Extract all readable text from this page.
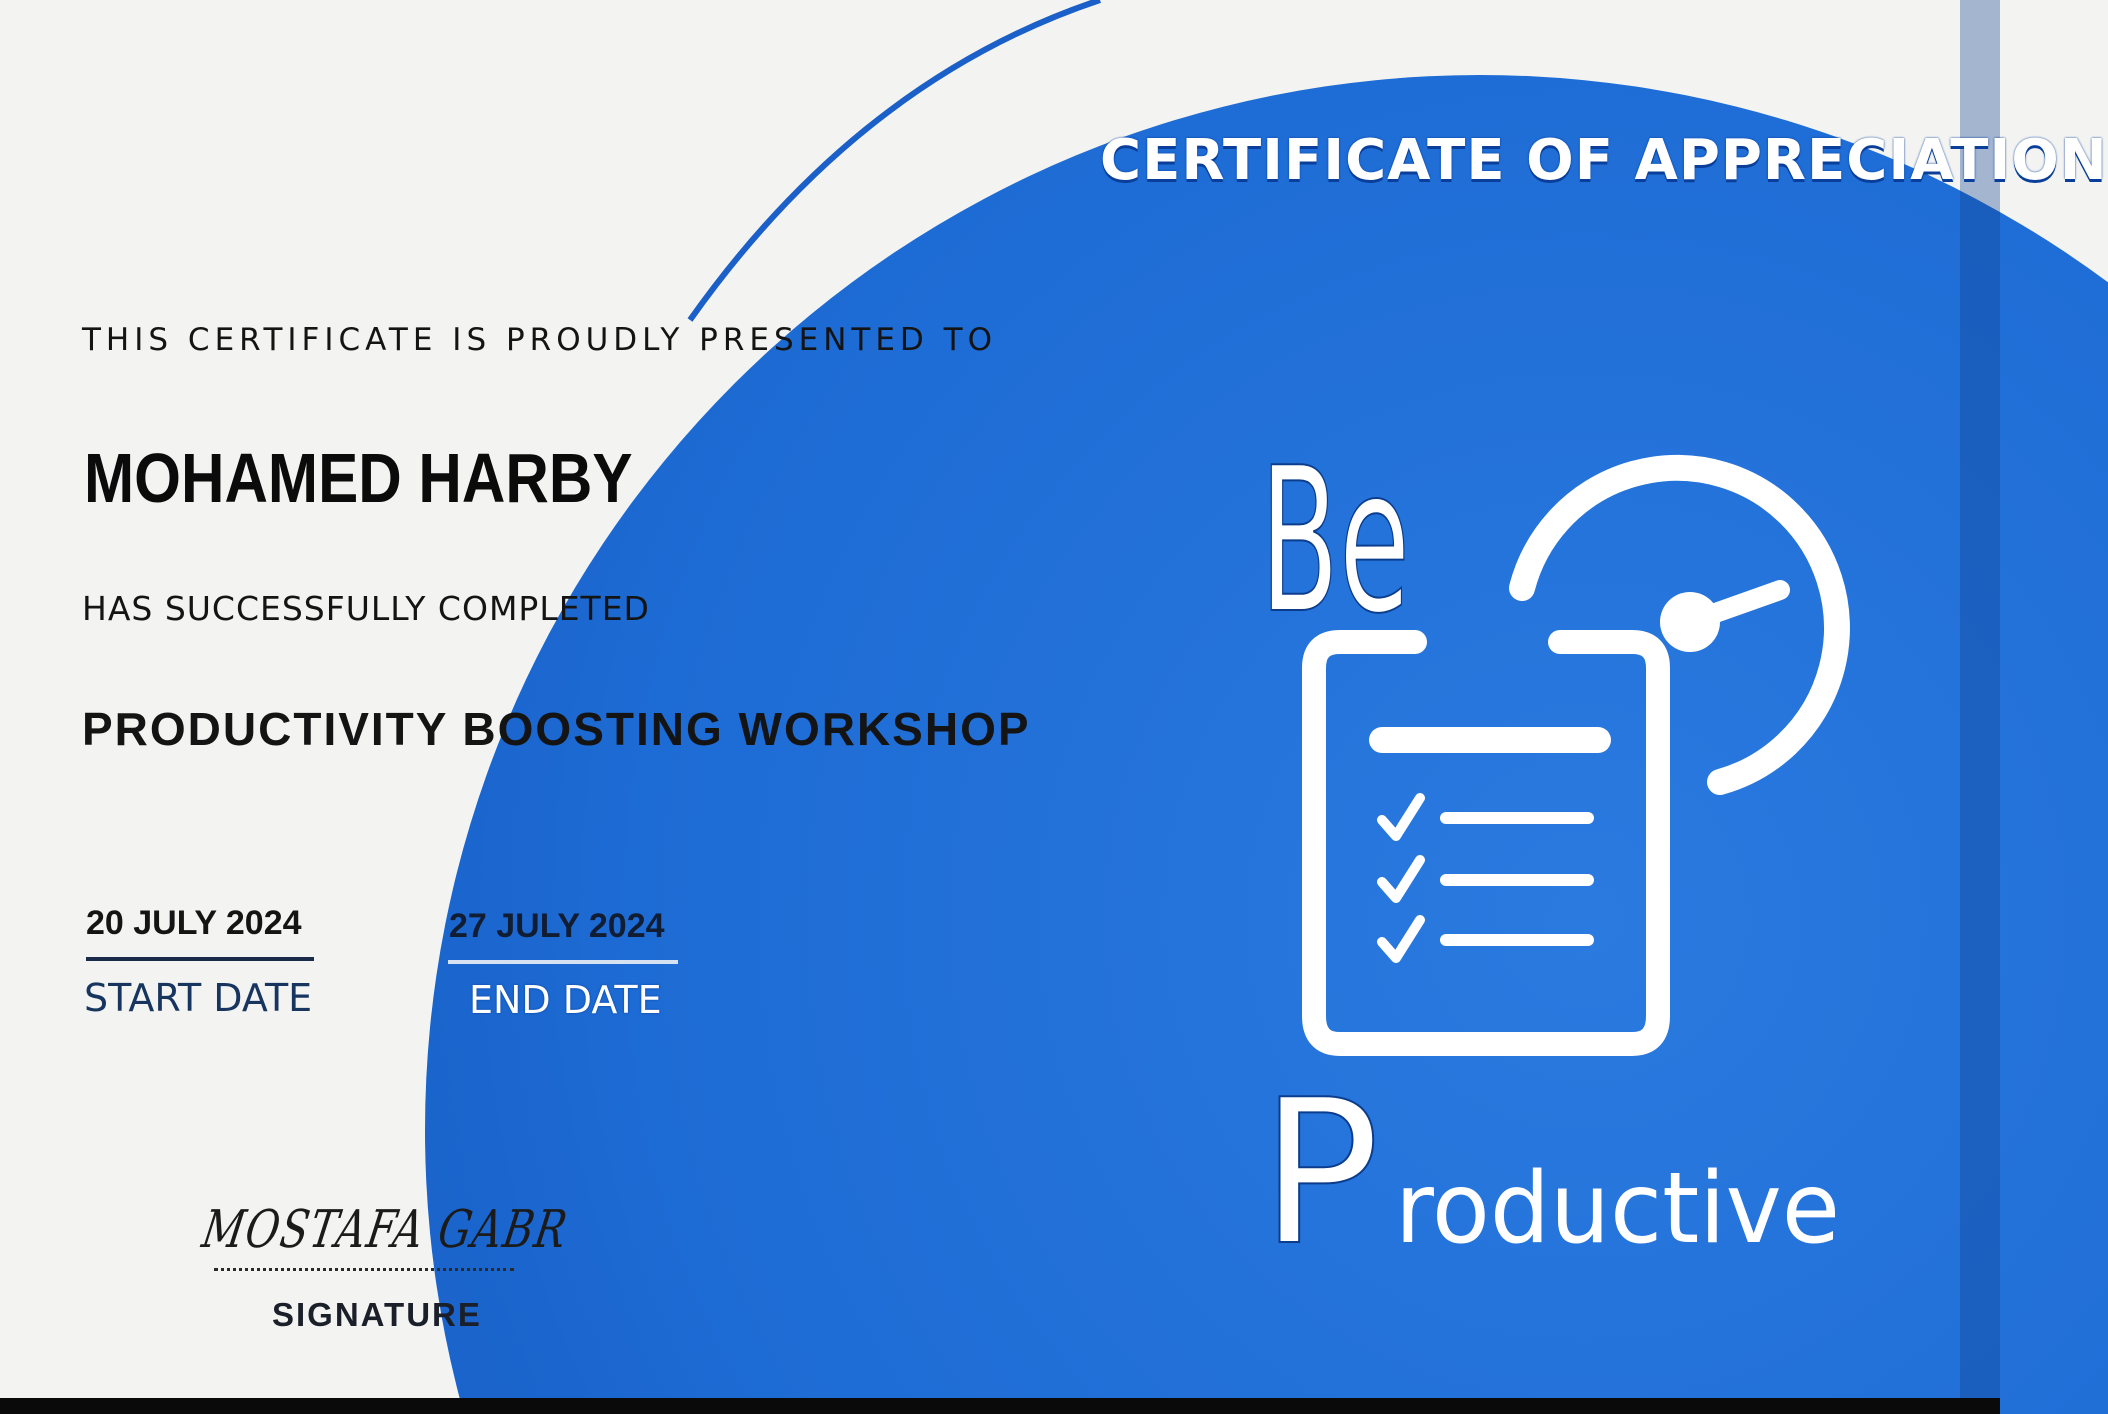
CERTIFICATE OF APPRECIATION

THIS CERTIFICATE IS PROUDLY PRESENTED TO

MOHAMED HARBY

HAS SUCCESSFULLY COMPLETED

PRODUCTIVITY BOOSTING WORKSHOP

20 JULY 2024

START DATE

27 JULY 2024

END DATE

MOSTAFA GABR

SIGNATURE

Be
P roductive
